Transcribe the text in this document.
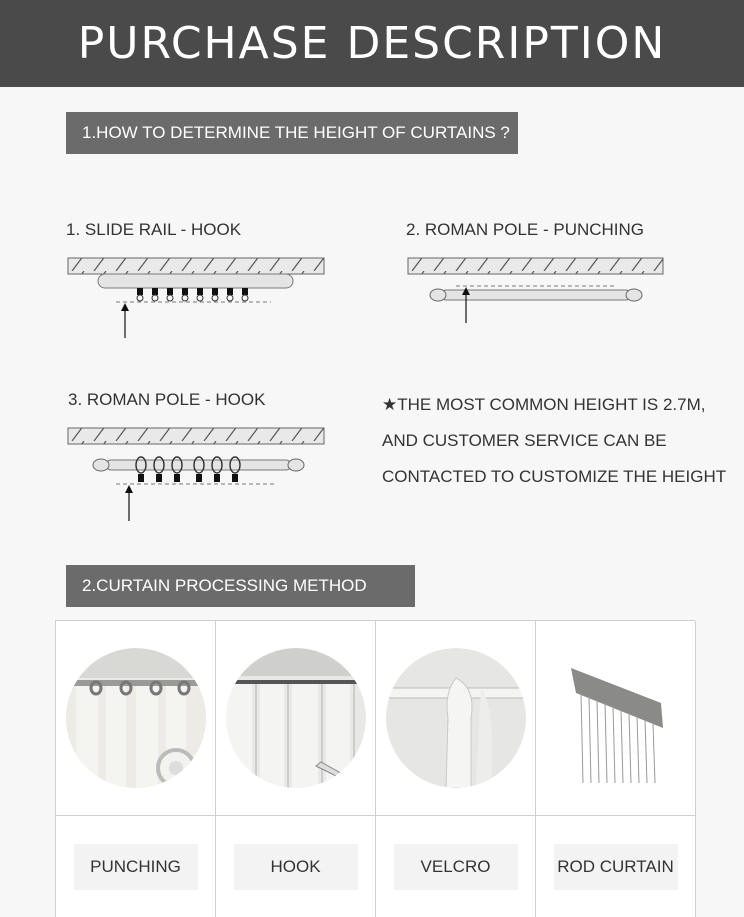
PURCHASE DESCRIPTION
1.HOW TO DETERMINE THE HEIGHT OF CURTAINS ?
1. SLIDE RAIL - HOOK	2. ROMAN POLE - PUNCHING
3. ROMAN POLE - HOOK	★THE MOST COMMON HEIGHT IS 2.7M,
AND CUSTOMER SERVICE CAN BE
CONTACTED TO CUSTOMIZE THE HEIGHT
2.CURTAIN PROCESSING METHOD
PUNCHING	HOOK	VELCRO	ROD CURTAIN
